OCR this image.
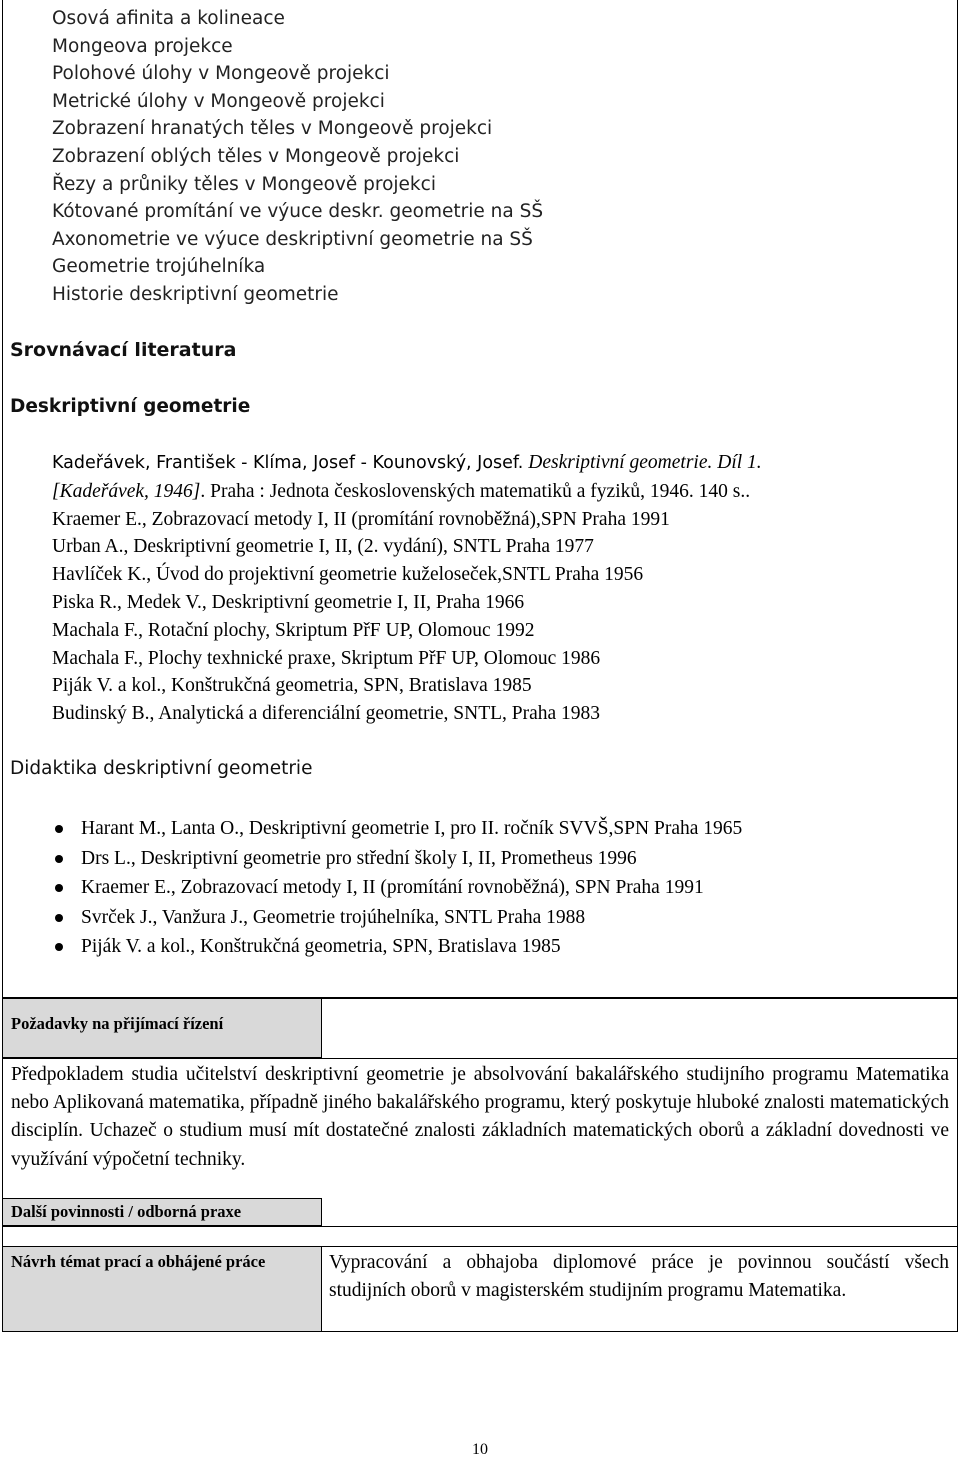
Osová afinita a kolineace
Mongeova projekce
Polohové úlohy v Mongeově projekci
Metrické úlohy v Mongeově projekci
Zobrazení hranatých těles v Mongeově projekci
Zobrazení oblých těles v Mongeově projekci
Řezy a průniky těles v Mongeově projekci
Kótované promítání ve výuce deskr. geometrie na SŠ
Axonometrie ve výuce deskriptivní geometrie na SŠ
Geometrie trojúhelníka
Historie deskriptivní geometrie
Srovnávací literatura
Deskriptivní geometrie
Kadeřávek, František - Klíma, Josef - Kounovský, Josef. Deskriptivní geometrie. Díl 1.
[Kadeřávek, 1946]. Praha : Jednota československých matematiků a fyziků, 1946. 140 s..
Kraemer E., Zobrazovací metody I, II (promítání rovnoběžná),SPN Praha 1991
Urban A., Deskriptivní geometrie I, II, (2. vydání), SNTL Praha 1977
Havlíček K., Úvod do projektivní geometrie kuželoseček,SNTL Praha 1956
Piska R., Medek V., Deskriptivní geometrie I, II, Praha 1966
Machala F., Rotační plochy, Skriptum PřF UP, Olomouc 1992
Machala F., Plochy texhnické praxe, Skriptum PřF UP, Olomouc 1986
Piják V. a kol., Konštrukčná geometria, SPN, Bratislava 1985
Budinský B., Analytická a diferenciální geometrie, SNTL, Praha 1983
Didaktika deskriptivní geometrie
Harant M., Lanta O., Deskriptivní geometrie I, pro II. ročník SVVŠ,SPN Praha 1965
Drs L., Deskriptivní geometrie pro střední školy I, II, Prometheus 1996
Kraemer E., Zobrazovací metody I, II (promítání rovnoběžná), SPN Praha 1991
Svrček J., Vanžura J., Geometrie trojúhelníka, SNTL Praha 1988
Piják V. a kol., Konštrukčná geometria, SPN, Bratislava 1985
Požadavky na přijímací řízení
Předpokladem studia učitelství deskriptivní geometrie je absolvování bakalářského studijního programu Matematika nebo Aplikovaná matematika, případně jiného bakalářského programu, který poskytuje hluboké znalosti matematických disciplín. Uchazeč o studium musí mít dostatečné znalosti základních matematických oborů a základní dovednosti ve využívání výpočetní techniky.
Další povinnosti / odborná praxe
Návrh témat prací a obhájené práce	Vypracování a obhajoba diplomové práce je povinnou součástí všech studijních oborů v magisterském studijním programu Matematika.
10
